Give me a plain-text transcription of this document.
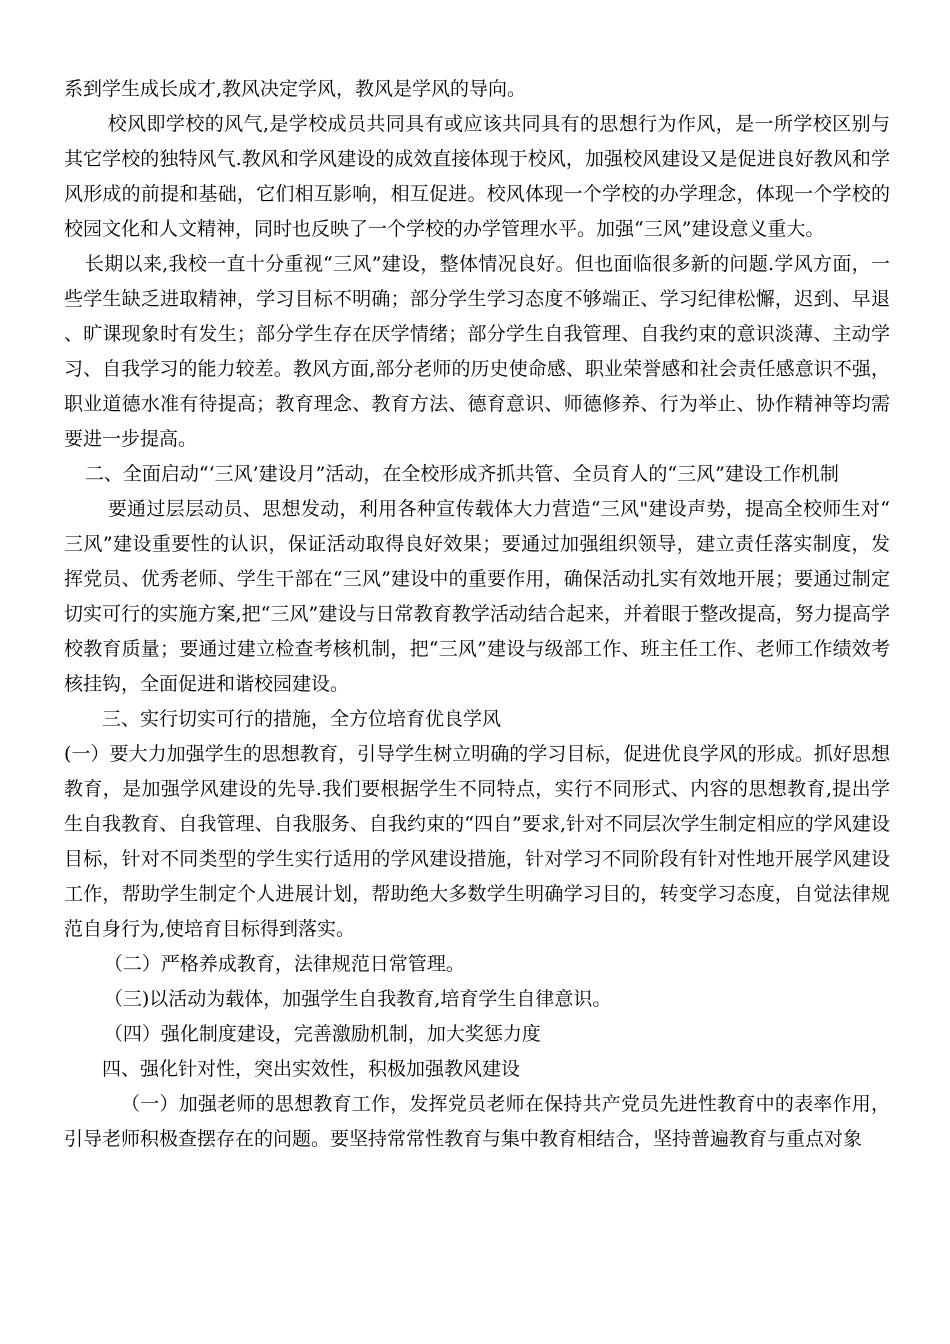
系到学生成长成才,教风决定学风，教风是学风的导向。

校风即学校的风气,是学校成员共同具有或应该共同具有的思想行为作风，是一所学校区别与其它学校的独特风气.教风和学风建设的成效直接体现于校风，加强校风建设又是促进良好教风和学风形成的前提和基础，它们相互影响，相互促进。校风体现一个学校的办学理念，体现一个学校的校园文化和人文精神，同时也反映了一个学校的办学管理水平。加强“三风”建设意义重大。

长期以来,我校一直十分重视“三风”建设，整体情况良好。但也面临很多新的问题.学风方面，一些学生缺乏进取精神，学习目标不明确；部分学生学习态度不够端正、学习纪律松懈，迟到、早退、旷课现象时有发生；部分学生存在厌学情绪；部分学生自我管理、自我约束的意识淡薄、主动学习、自我学习的能力较差。教风方面,部分老师的历史使命感、职业荣誉感和社会责任感意识不强，职业道德水准有待提高；教育理念、教育方法、德育意识、师德修养、行为举止、协作精神等均需要进一步提高。

二、全面启动“‘三风’建设月”活动，在全校形成齐抓共管、全员育人的“三风”建设工作机制

要通过层层动员、思想发动，利用各种宣传载体大力营造“三风"建设声势，提高全校师生对“三风”建设重要性的认识，保证活动取得良好效果；要通过加强组织领导，建立责任落实制度，发挥党员、优秀老师、学生干部在“三风”建设中的重要作用，确保活动扎实有效地开展；要通过制定切实可行的实施方案,把“三风”建设与日常教育教学活动结合起来，并着眼于整改提高，努力提高学校教育质量；要通过建立检查考核机制，把“三风”建设与级部工作、班主任工作、老师工作绩效考核挂钩，全面促进和谐校园建设。

三、实行切实可行的措施，全方位培育优良学风

(一）要大力加强学生的思想教育，引导学生树立明确的学习目标，促进优良学风的形成。抓好思想教育，是加强学风建设的先导.我们要根据学生不同特点，实行不同形式、内容的思想教育,提出学生自我教育、自我管理、自我服务、自我约束的“四自”要求,针对不同层次学生制定相应的学风建设目标，针对不同类型的学生实行适用的学风建设措施，针对学习不同阶段有针对性地开展学风建设工作，帮助学生制定个人进展计划，帮助绝大多数学生明确学习目的，转变学习态度，自觉法律规范自身行为,使培育目标得到落实。

（二）严格养成教育，法律规范日常管理。

（三)以活动为载体，加强学生自我教育,培育学生自律意识。

（四）强化制度建设，完善激励机制，加大奖惩力度

四、强化针对性，突出实效性，积极加强教风建设

（一）加强老师的思想教育工作，发挥党员老师在保持共产党员先进性教育中的表率作用，引导老师积极查摆存在的问题。要坚持常常性教育与集中教育相结合，坚持普遍教育与重点对象
